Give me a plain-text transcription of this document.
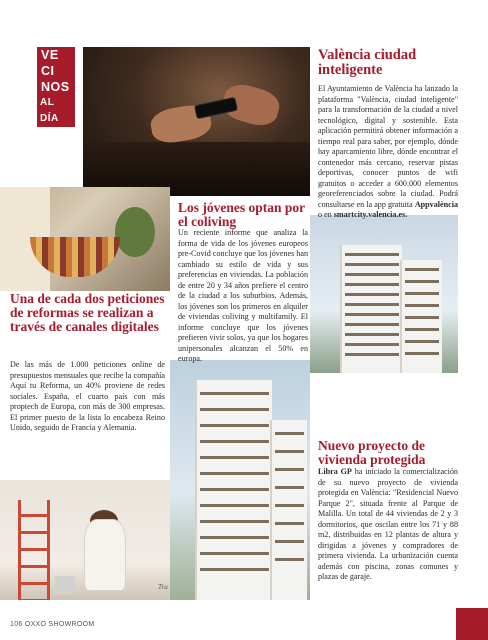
VE
CI
NOS
AL DÍA
Tra
València ciudad inteligente

El Ayuntamiento de València ha lanzado la plataforma "València, ciudad inteligente" para la transformación de la ciudad a nivel tecnológico, digital y sostenible. Esta aplicación permitirá obtener información a tiempo real para saber, por ejemplo, dónde hay aparcamiento libre, dónde encontrar el contenedor más cercano, reservar pistas deportivas, conocer puntos de wifi gratuitos o acceder a 600.000 elementos georeferenciados sobre la ciudad. Podrá consultarse en la app gratuita Appvalència o en smartcity.valencia.es.

Los jóvenes optan por el coliving

Un reciente informe que analiza la forma de vida de los jóvenes europeos pre-Covid concluye que los jóvenes han cambiado su estilo de vida y sus preferencias en viviendas. La población de entre 20 y 34 años prefiere el centro de la ciudad a los suburbios. Además, los jóvenes son los primeros en alquiler de viviendas coliving y multifamily. El informe concluye que los jóvenes prefieren vivir solos, ya que los hogares unipersonales alcanzan el 50% en europa.

Una de cada dos peticiones de reformas se realizan a través de canales digitales

De las más de 1.000 peticiones online de presupuestos mensuales que recibe la compañía Aquí tu Reforma, un 40% proviene de redes sociales. España, el cuarto país con más proptech de Europa, con más de 300 empresas. El primer puesto de la lista lo encabeza Reino Unido, seguido de Francia y Alemania.

Nuevo proyecto de vivienda protegida

Libra GP ha iniciado la comercialización de su nuevo proyecto de vivienda protegida en València: "Residencial Nuevo Parque 2", situada frente al Parque de Malilla. Un total de 44 viviendas de 2 y 3 dormitorios, que oscilan entre los 71 y 88 m2, distribuidas en 12 plantas de altura y dirigidas a jóvenes y compradores de primera vivienda. La urbanización cuenta además con piscina, zonas comunes y plazas de garaje.

106 OXXO SHOWROOM
